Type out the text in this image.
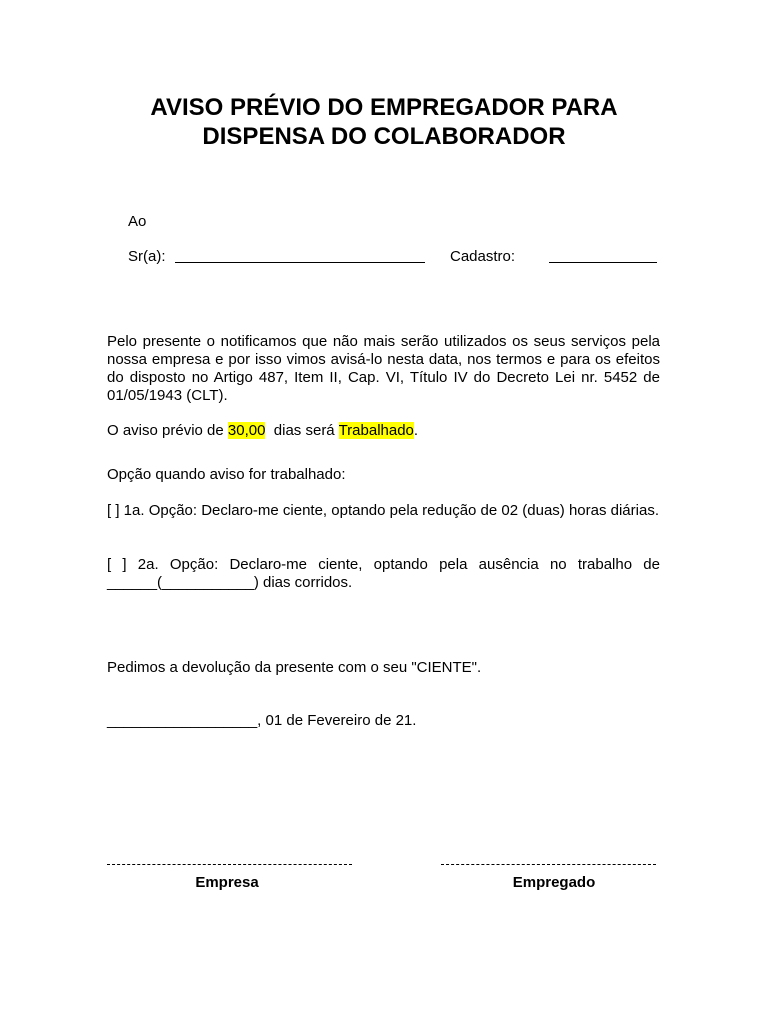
AVISO PRÉVIO DO EMPREGADOR PARA
DISPENSA DO COLABORADOR
Ao
Sr(a):	Cadastro:
Pelo presente o notificamos que não mais serão utilizados os seus serviços pela nossa empresa e por isso vimos avisá-lo nesta data, nos termos e para os efeitos do disposto no Artigo 487, Item II, Cap. VI, Título IV do Decreto Lei nr. 5452 de 01/05/1943 (CLT).
O aviso prévio de 30,00  dias será Trabalhado.
Opção quando aviso for trabalhado:
[ ] 1a. Opção: Declaro-me ciente, optando pela redução de 02 (duas) horas diárias.
[ ] 2a. Opção: Declaro-me ciente, optando pela ausência no trabalho de ______(___________) dias corridos.
Pedimos a devolução da presente com o seu "CIENTE".
__________________, 01 de Fevereiro de 21.
Empresa	Empregado
